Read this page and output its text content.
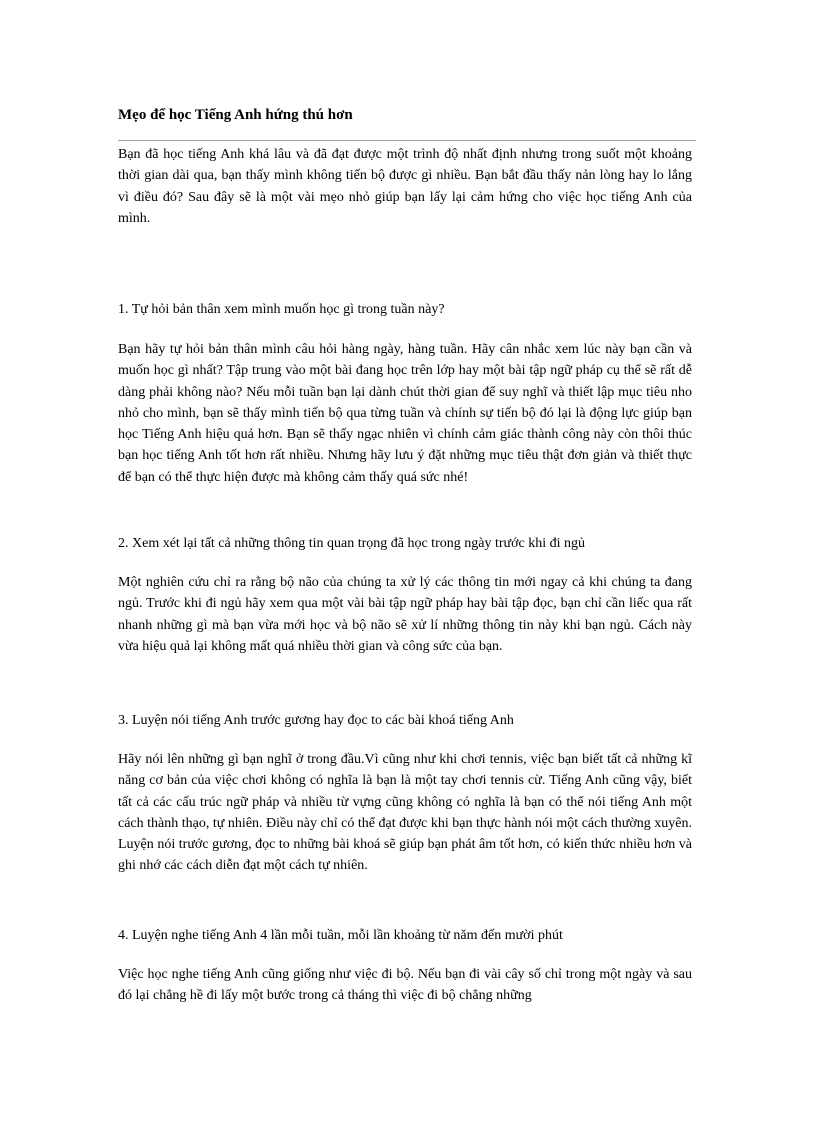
Mẹo để học Tiếng Anh hứng thú hơn

Bạn đã học tiếng Anh khá lâu và đã đạt được một trình độ nhất định nhưng trong suốt một khoảng thời gian dài qua, bạn thấy mình không tiến bộ được gì nhiều. Bạn bắt đầu thấy nản lòng hay lo lắng vì điều đó? Sau đây sẽ là một vài mẹo nhỏ giúp bạn lấy lại cảm hứng cho việc học tiếng Anh của mình.

1. Tự hỏi bản thân xem mình muốn học gì trong tuần này?

Bạn hãy tự hỏi bản thân mình câu hỏi hàng ngày, hàng tuần. Hãy cân nhắc xem lúc này bạn cần và muốn học gì nhất? Tập trung vào một bài đang học trên lớp hay một bài tập ngữ pháp cụ thể sẽ rất dễ dàng phải không nào? Nếu mỗi tuần bạn lại dành chút thời gian để suy nghĩ và thiết lập mục tiêu nho nhỏ cho mình, bạn sẽ thấy mình tiến bộ qua từng tuần và chính sự tiến bộ đó lại là động lực giúp bạn học Tiếng Anh hiệu quả hơn. Bạn sẽ thấy ngạc nhiên vì chính cảm giác thành công này còn thôi thúc bạn học tiếng Anh tốt hơn rất nhiều. Nhưng hãy lưu ý đặt những mục tiêu thật đơn giản và thiết thực để bạn có thể thực hiện được mà không cảm thấy quá sức nhé!

2. Xem xét lại tất cả những thông tin quan trọng đã học trong ngày trước khi đi ngủ

Một nghiên cứu chỉ ra rằng bộ não của chúng ta xử lý các thông tin mới ngay cả khi chúng ta đang ngủ. Trước khi đi ngủ hãy xem qua một vài bài tập ngữ pháp hay bài tập đọc, bạn chỉ cần liếc qua rất nhanh những gì mà bạn vừa mới học và bộ não sẽ xử lí những thông tin này khi bạn ngủ. Cách này vừa hiệu quả lại không mất quá nhiều thời gian và công sức của bạn.

3. Luyện nói tiếng Anh trước gương hay đọc to các bài khoá tiếng Anh

Hãy nói lên những gì bạn nghĩ ở trong đầu.Vì cũng như khi chơi tennis, việc bạn biết tất cả những kĩ năng cơ bản của việc chơi không có nghĩa là bạn là một tay chơi tennis cừ. Tiếng Anh cũng vậy, biết tất cả các cấu trúc ngữ pháp và nhiều từ vựng cũng không có nghĩa là bạn có thể nói tiếng Anh một cách thành thạo, tự nhiên. Điều này chỉ có thể đạt được khi bạn thực hành nói một cách thường xuyên. Luyện nói trước gương, đọc to những bài khoá sẽ giúp bạn phát âm tốt hơn, có kiến thức nhiều hơn và ghi nhớ các cách diễn đạt một cách tự nhiên.

4. Luyện nghe tiếng Anh 4 lần mỗi tuần, mỗi lần khoảng từ năm đến mười phút

Việc học nghe tiếng Anh cũng giống như việc đi bộ. Nếu bạn đi vài cây số chỉ trong một ngày và sau đó lại chẳng hề đi lấy một bước trong cả tháng thì việc đi bộ chẳng những
